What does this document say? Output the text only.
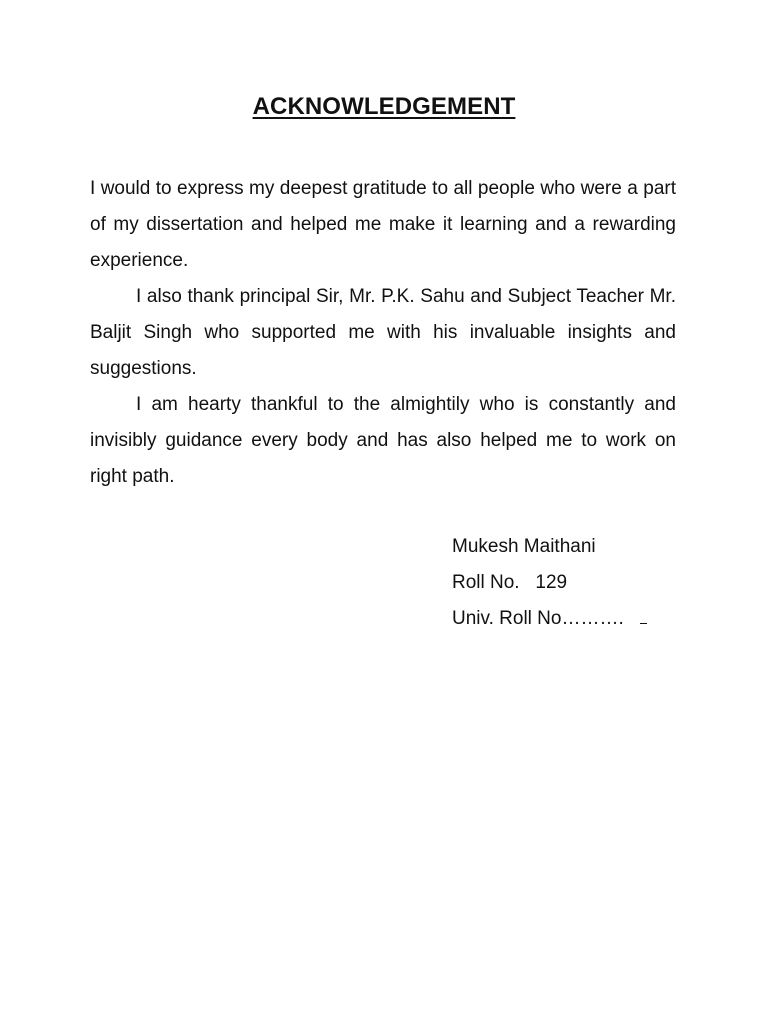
ACKNOWLEDGEMENT

I would to express my deepest gratitude to all people who were a part of my dissertation and helped me make it learning and a rewarding experience.

I also thank principal Sir, Mr. P.K. Sahu and Subject Teacher Mr. Baljit Singh who supported me with his invaluable insights and suggestions.

I am hearty thankful to the almightily who is constantly and invisibly guidance every body and has also helped me to work on right path.

Mukesh Maithani

Roll No.   129

Univ. Roll No……….
